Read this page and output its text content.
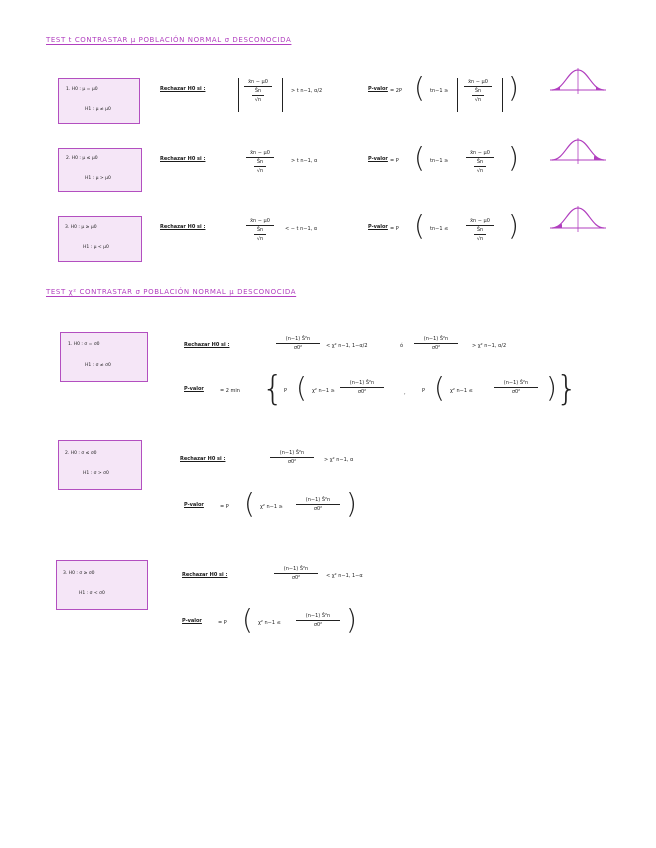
TEST t CONTRASTAR μ POBLACIÓN NORMAL σ DESCONOCIDA
TEST χ² CONTRASTAR σ POBLACIÓN NORMAL μ DESCONOCIDA
1. H0 : μ = μ0
H1 : μ ≠ μ0
Rechazar H0 si :
x̄n − μ0
Ŝn
√n
> t n−1, α/2	P-valor = 2P ( tn−1 ≥
x̄n − μ0
Ŝn
√n )
2. H0 : μ ≤ μ0
H1 : μ > μ0
Rechazar H0 si :
x̄n − μ0
Ŝn
√n
> t n−1, α	P-valor = P ( tn−1 ≥
x̄n − μ0
Ŝn
√n )
3. H0 : μ ≥ μ0
H1 : μ < μ0
Rechazar H0 si :
x̄n − μ0
Ŝn
√n
< − t n−1, α	P-valor = P ( tn−1 ≤
x̄n − μ0
Ŝn
√n )
1. H0 : σ = σ0
H1 : σ ≠ σ0
Rechazar H0 si :
(n−1) Ŝ²n
σ0²	< χ² n−1, 1−α/2	ó
(n−1) Ŝ²n
σ0²	> χ² n−1, α/2
P-valor	= 2 min { P ( χ² n−1 ≥
(n−1) Ŝ²n
σ0²	,	P ( χ² n−1 ≤
(n−1) Ŝ²n
σ0² ) }
2. H0 : σ ≤ σ0
H1 : σ > σ0
Rechazar H0 si :
(n−1) Ŝ²n
σ0²	> χ² n−1, α
P-valor	= P ( χ² n−1 ≥
(n−1) Ŝ²n
σ0² )
3. H0 : σ ≥ σ0
H1 : σ < σ0
Rechazar H0 si :
(n−1) Ŝ²n
σ0²	< χ² n−1, 1−α
P-valor	= P ( χ² n−1 ≤
(n−1) Ŝ²n
σ0² )
